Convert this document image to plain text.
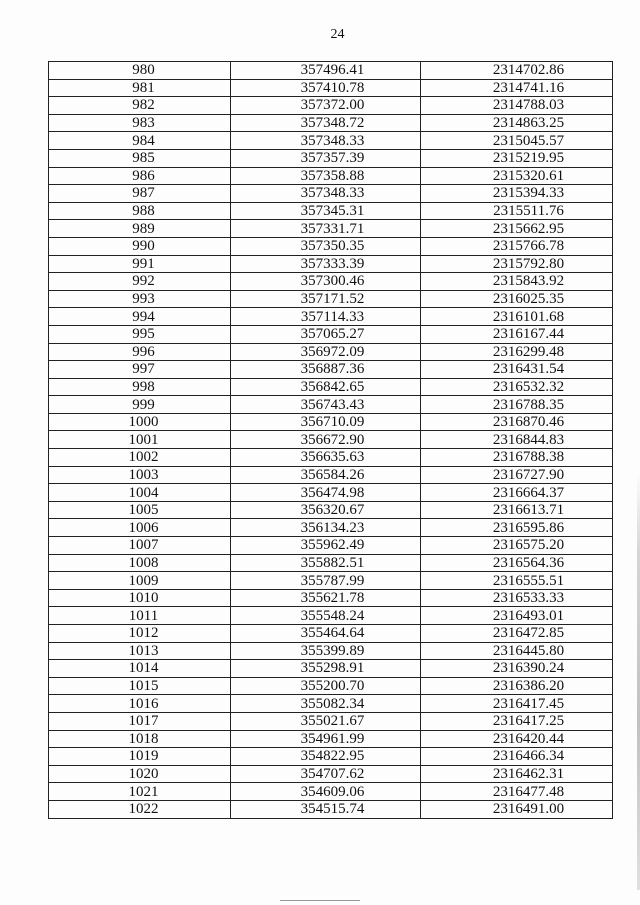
24
980	357496.41	2314702.86
981	357410.78	2314741.16
982	357372.00	2314788.03
983	357348.72	2314863.25
984	357348.33	2315045.57
985	357357.39	2315219.95
986	357358.88	2315320.61
987	357348.33	2315394.33
988	357345.31	2315511.76
989	357331.71	2315662.95
990	357350.35	2315766.78
991	357333.39	2315792.80
992	357300.46	2315843.92
993	357171.52	2316025.35
994	357114.33	2316101.68
995	357065.27	2316167.44
996	356972.09	2316299.48
997	356887.36	2316431.54
998	356842.65	2316532.32
999	356743.43	2316788.35
1000	356710.09	2316870.46
1001	356672.90	2316844.83
1002	356635.63	2316788.38
1003	356584.26	2316727.90
1004	356474.98	2316664.37
1005	356320.67	2316613.71
1006	356134.23	2316595.86
1007	355962.49	2316575.20
1008	355882.51	2316564.36
1009	355787.99	2316555.51
1010	355621.78	2316533.33
1011	355548.24	2316493.01
1012	355464.64	2316472.85
1013	355399.89	2316445.80
1014	355298.91	2316390.24
1015	355200.70	2316386.20
1016	355082.34	2316417.45
1017	355021.67	2316417.25
1018	354961.99	2316420.44
1019	354822.95	2316466.34
1020	354707.62	2316462.31
1021	354609.06	2316477.48
1022	354515.74	2316491.00
